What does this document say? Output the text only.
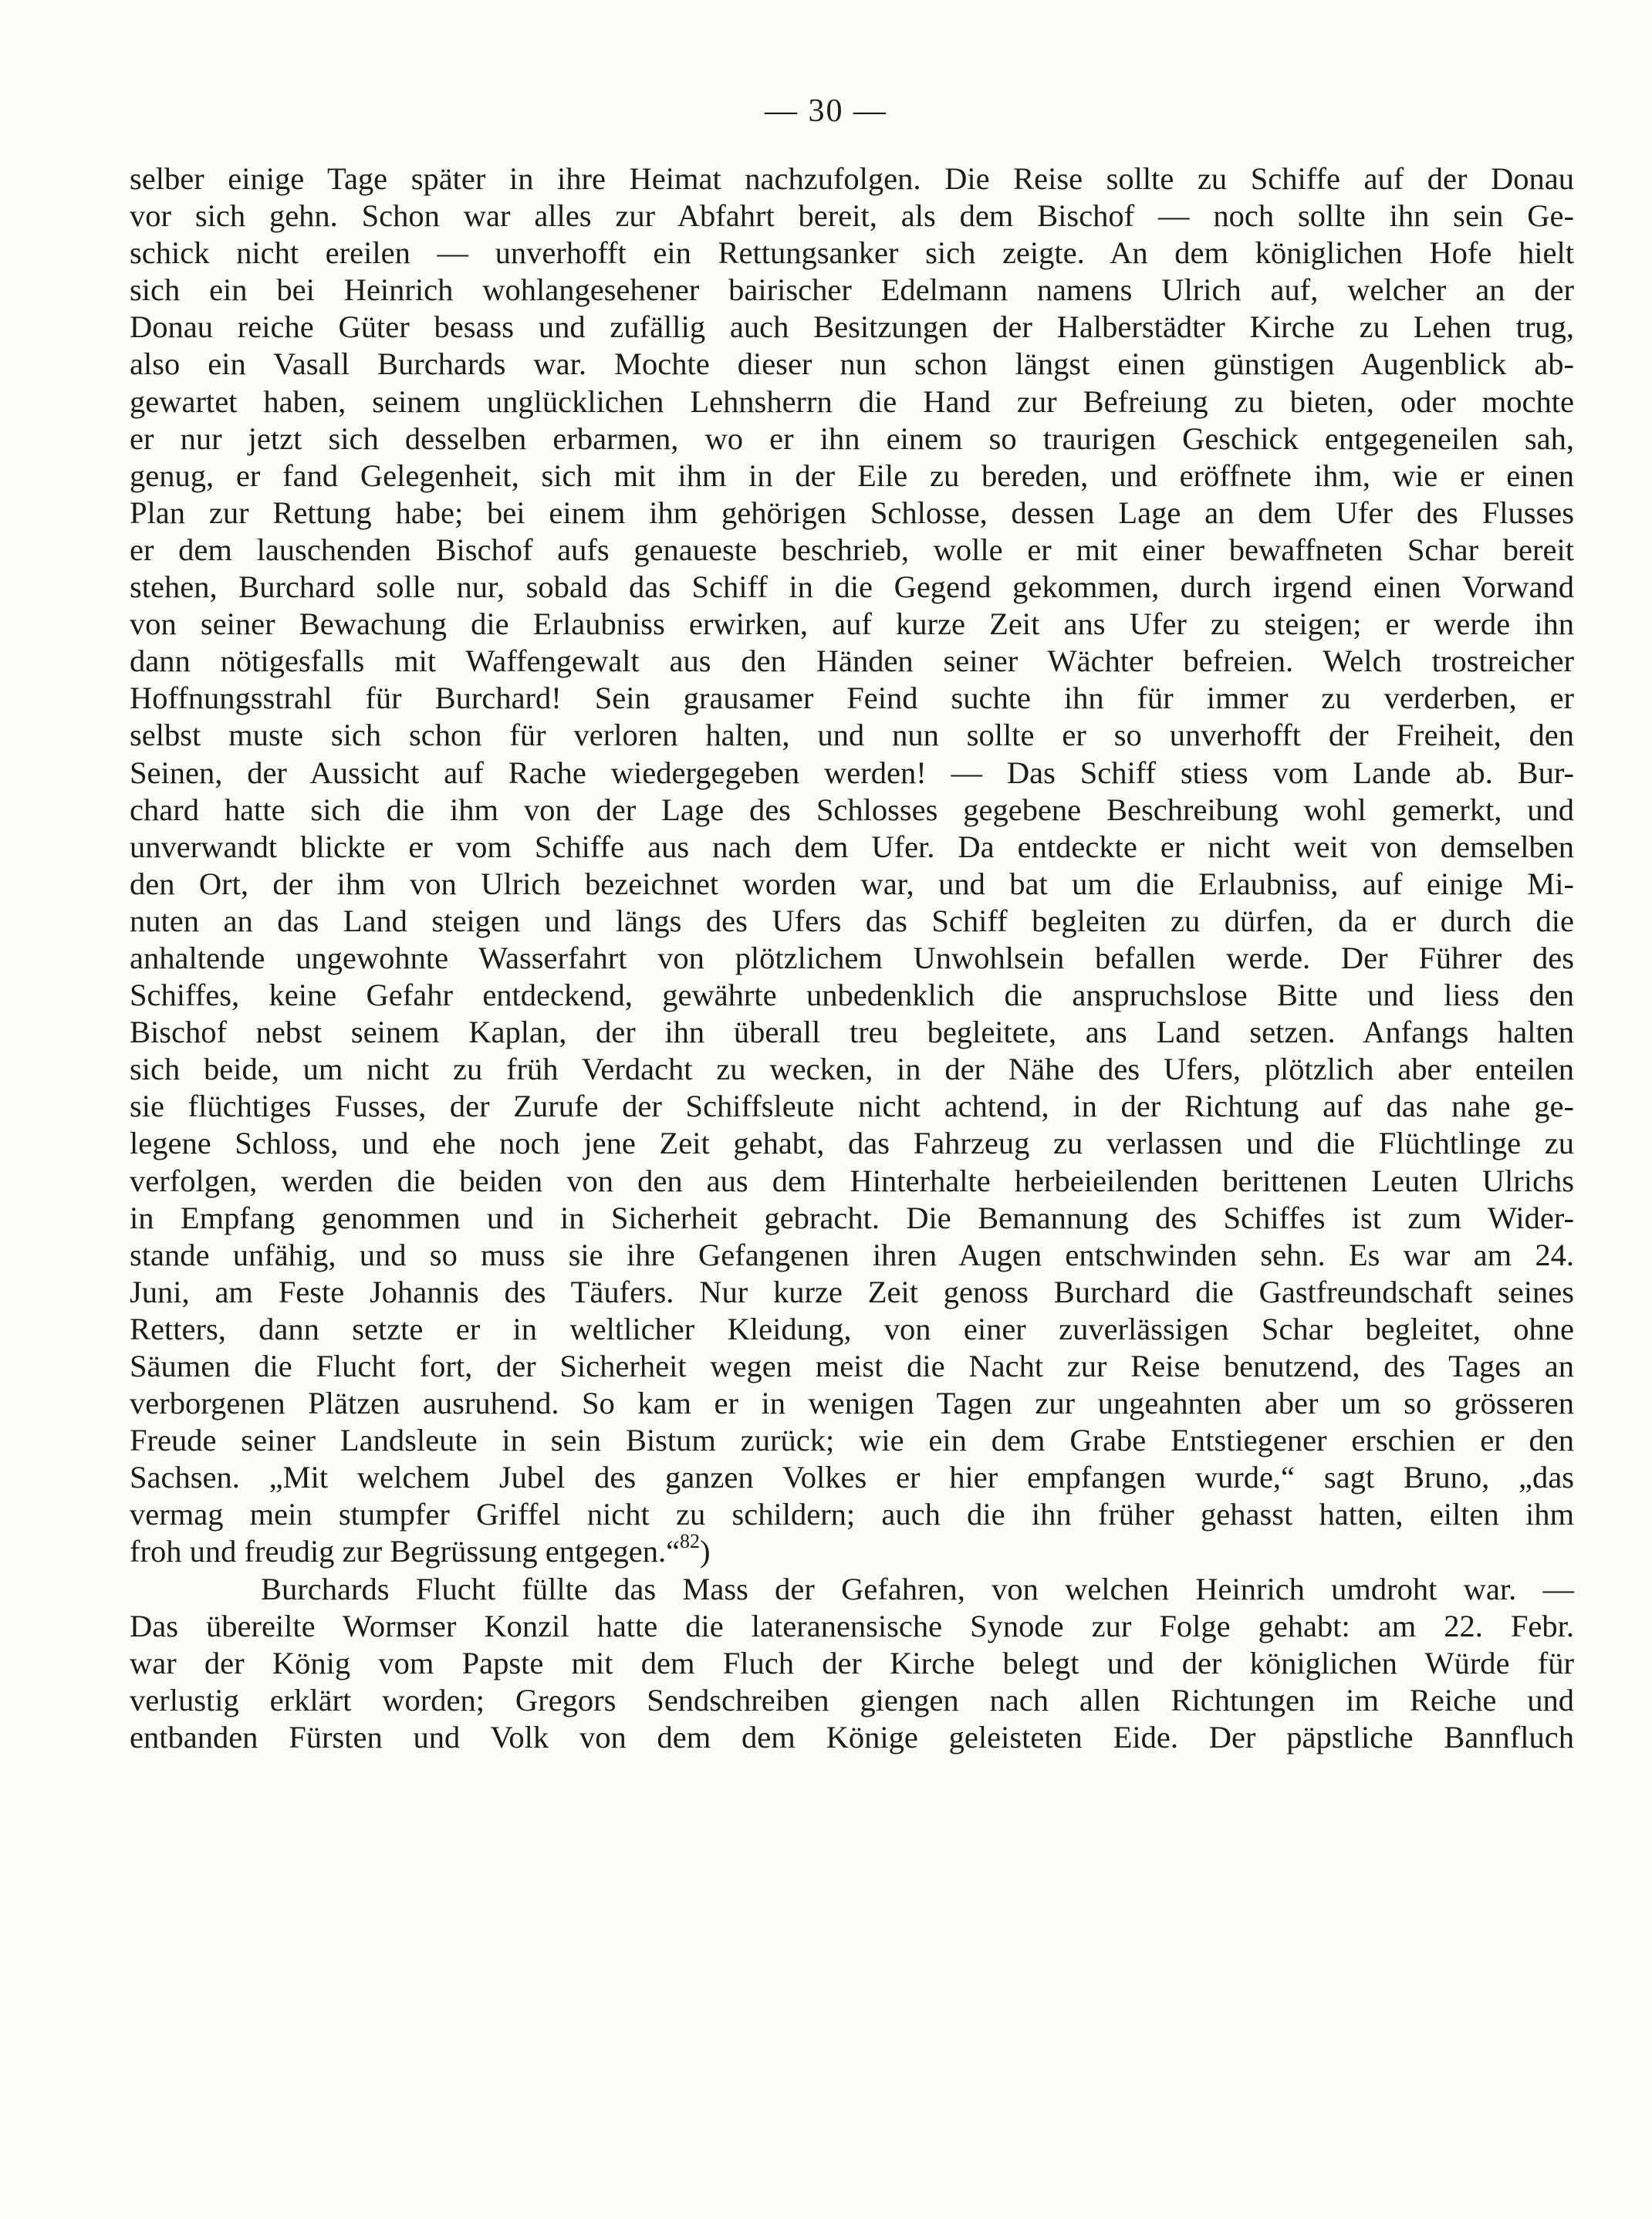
— 30 —

selber einige Tage später in ihre Heimat nachzufolgen. Die Reise sollte zu Schiffe auf der Donau
vor sich gehn. Schon war alles zur Abfahrt bereit, als dem Bischof — noch sollte ihn sein Ge-
schick nicht ereilen — unverhofft ein Rettungsanker sich zeigte. An dem königlichen Hofe hielt
sich ein bei Heinrich wohlangesehener bairischer Edelmann namens Ulrich auf, welcher an der
Donau reiche Güter besass und zufällig auch Besitzungen der Halberstädter Kirche zu Lehen trug,
also ein Vasall Burchards war. Mochte dieser nun schon längst einen günstigen Augenblick ab-
gewartet haben, seinem unglücklichen Lehnsherrn die Hand zur Befreiung zu bieten, oder mochte
er nur jetzt sich desselben erbarmen, wo er ihn einem so traurigen Geschick entgegeneilen sah,
genug, er fand Gelegenheit, sich mit ihm in der Eile zu bereden, und eröffnete ihm, wie er einen
Plan zur Rettung habe; bei einem ihm gehörigen Schlosse, dessen Lage an dem Ufer des Flusses
er dem lauschenden Bischof aufs genaueste beschrieb, wolle er mit einer bewaffneten Schar bereit
stehen, Burchard solle nur, sobald das Schiff in die Gegend gekommen, durch irgend einen Vorwand
von seiner Bewachung die Erlaubniss erwirken, auf kurze Zeit ans Ufer zu steigen; er werde ihn
dann nötigesfalls mit Waffengewalt aus den Händen seiner Wächter befreien. Welch trostreicher
Hoffnungsstrahl für Burchard! Sein grausamer Feind suchte ihn für immer zu verderben, er
selbst muste sich schon für verloren halten, und nun sollte er so unverhofft der Freiheit, den
Seinen, der Aussicht auf Rache wiedergegeben werden! — Das Schiff stiess vom Lande ab. Bur-
chard hatte sich die ihm von der Lage des Schlosses gegebene Beschreibung wohl gemerkt, und
unverwandt blickte er vom Schiffe aus nach dem Ufer. Da entdeckte er nicht weit von demselben
den Ort, der ihm von Ulrich bezeichnet worden war, und bat um die Erlaubniss, auf einige Mi-
nuten an das Land steigen und längs des Ufers das Schiff begleiten zu dürfen, da er durch die
anhaltende ungewohnte Wasserfahrt von plötzlichem Unwohlsein befallen werde. Der Führer des
Schiffes, keine Gefahr entdeckend, gewährte unbedenklich die anspruchslose Bitte und liess den
Bischof nebst seinem Kaplan, der ihn überall treu begleitete, ans Land setzen. Anfangs halten
sich beide, um nicht zu früh Verdacht zu wecken, in der Nähe des Ufers, plötzlich aber enteilen
sie flüchtiges Fusses, der Zurufe der Schiffsleute nicht achtend, in der Richtung auf das nahe ge-
legene Schloss, und ehe noch jene Zeit gehabt, das Fahrzeug zu verlassen und die Flüchtlinge zu
verfolgen, werden die beiden von den aus dem Hinterhalte herbeieilenden berittenen Leuten Ulrichs
in Empfang genommen und in Sicherheit gebracht. Die Bemannung des Schiffes ist zum Wider-
stande unfähig, und so muss sie ihre Gefangenen ihren Augen entschwinden sehn. Es war am 24.
Juni, am Feste Johannis des Täufers. Nur kurze Zeit genoss Burchard die Gastfreundschaft seines
Retters, dann setzte er in weltlicher Kleidung, von einer zuverlässigen Schar begleitet, ohne
Säumen die Flucht fort, der Sicherheit wegen meist die Nacht zur Reise benutzend, des Tages an
verborgenen Plätzen ausruhend. So kam er in wenigen Tagen zur ungeahnten aber um so grösseren
Freude seiner Landsleute in sein Bistum zurück; wie ein dem Grabe Entstiegener erschien er den
Sachsen. „Mit welchem Jubel des ganzen Volkes er hier empfangen wurde,“ sagt Bruno, „das
vermag mein stumpfer Griffel nicht zu schildern; auch die ihn früher gehasst hatten, eilten ihm
froh und freudig zur Begrüssung entgegen.“$^{82}$)

Burchards Flucht füllte das Mass der Gefahren, von welchen Heinrich umdroht war. —
Das übereilte Wormser Konzil hatte die lateranensische Synode zur Folge gehabt: am 22. Febr.
war der König vom Papste mit dem Fluch der Kirche belegt und der königlichen Würde für
verlustig erklärt worden; Gregors Sendschreiben giengen nach allen Richtungen im Reiche und
entbanden Fürsten und Volk von dem dem Könige geleisteten Eide. Der päpstliche Bannfluch
